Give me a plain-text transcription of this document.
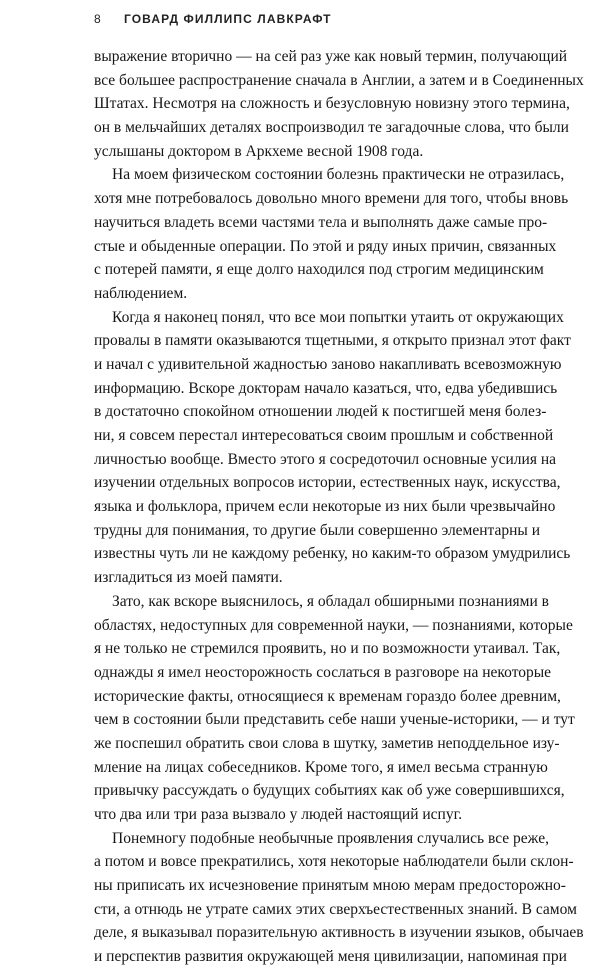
8 ГОВАРД ФИЛЛИПС ЛАВКРАФТ
выражение вторично — на сей раз уже как новый термин, получающий
все большее распространение сначала в Англии, а затем и в Соединенных
Штатах. Несмотря на сложность и безусловную новизну этого термина,
он в мельчайших деталях воспроизводил те загадочные слова, что были
услышаны доктором в Аркхеме весной 1908 года.
На моем физическом состоянии болезнь практически не отразилась,
хотя мне потребовалось довольно много времени для того, чтобы вновь
научиться владеть всеми частями тела и выполнять даже самые про-
стые и обыденные операции. По этой и ряду иных причин, связанных
с потерей памяти, я еще долго находился под строгим медицинским
наблюдением.
Когда я наконец понял, что все мои попытки утаить от окружающих
провалы в памяти оказываются тщетными, я открыто признал этот факт
и начал с удивительной жадностью заново накапливать всевозможную
информацию. Вскоре докторам начало казаться, что, едва убедившись
в достаточно спокойном отношении людей к постигшей меня болез-
ни, я совсем перестал интересоваться своим прошлым и собственной
личностью вообще. Вместо этого я сосредоточил основные усилия на
изучении отдельных вопросов истории, естественных наук, искусства,
языка и фольклора, причем если некоторые из них были чрезвычайно
трудны для понимания, то другие были совершенно элементарны и
известны чуть ли не каждому ребенку, но каким-то образом умудрились
изгладиться из моей памяти.
Зато, как вскоре выяснилось, я обладал обширными познаниями в
областях, недоступных для современной науки, — познаниями, которые
я не только не стремился проявить, но и по возможности утаивал. Так,
однажды я имел неосторожность сослаться в разговоре на некоторые
исторические факты, относящиеся к временам гораздо более древним,
чем в состоянии были представить себе наши ученые-историки, — и тут
же поспешил обратить свои слова в шутку, заметив неподдельное изу-
мление на лицах собеседников. Кроме того, я имел весьма странную
привычку рассуждать о будущих событиях как об уже совершившихся,
что два или три раза вызвало у людей настоящий испуг.
Понемногу подобные необычные проявления случались все реже,
а потом и вовсе прекратились, хотя некоторые наблюдатели были склон-
ны приписать их исчезновение принятым мною мерам предосторожно-
сти, а отнюдь не утрате самих этих сверхъестественных знаний. В самом
деле, я выказывал поразительную активность в изучении языков, обычаев
и перспектив развития окружающей меня цивилизации, напоминая при
